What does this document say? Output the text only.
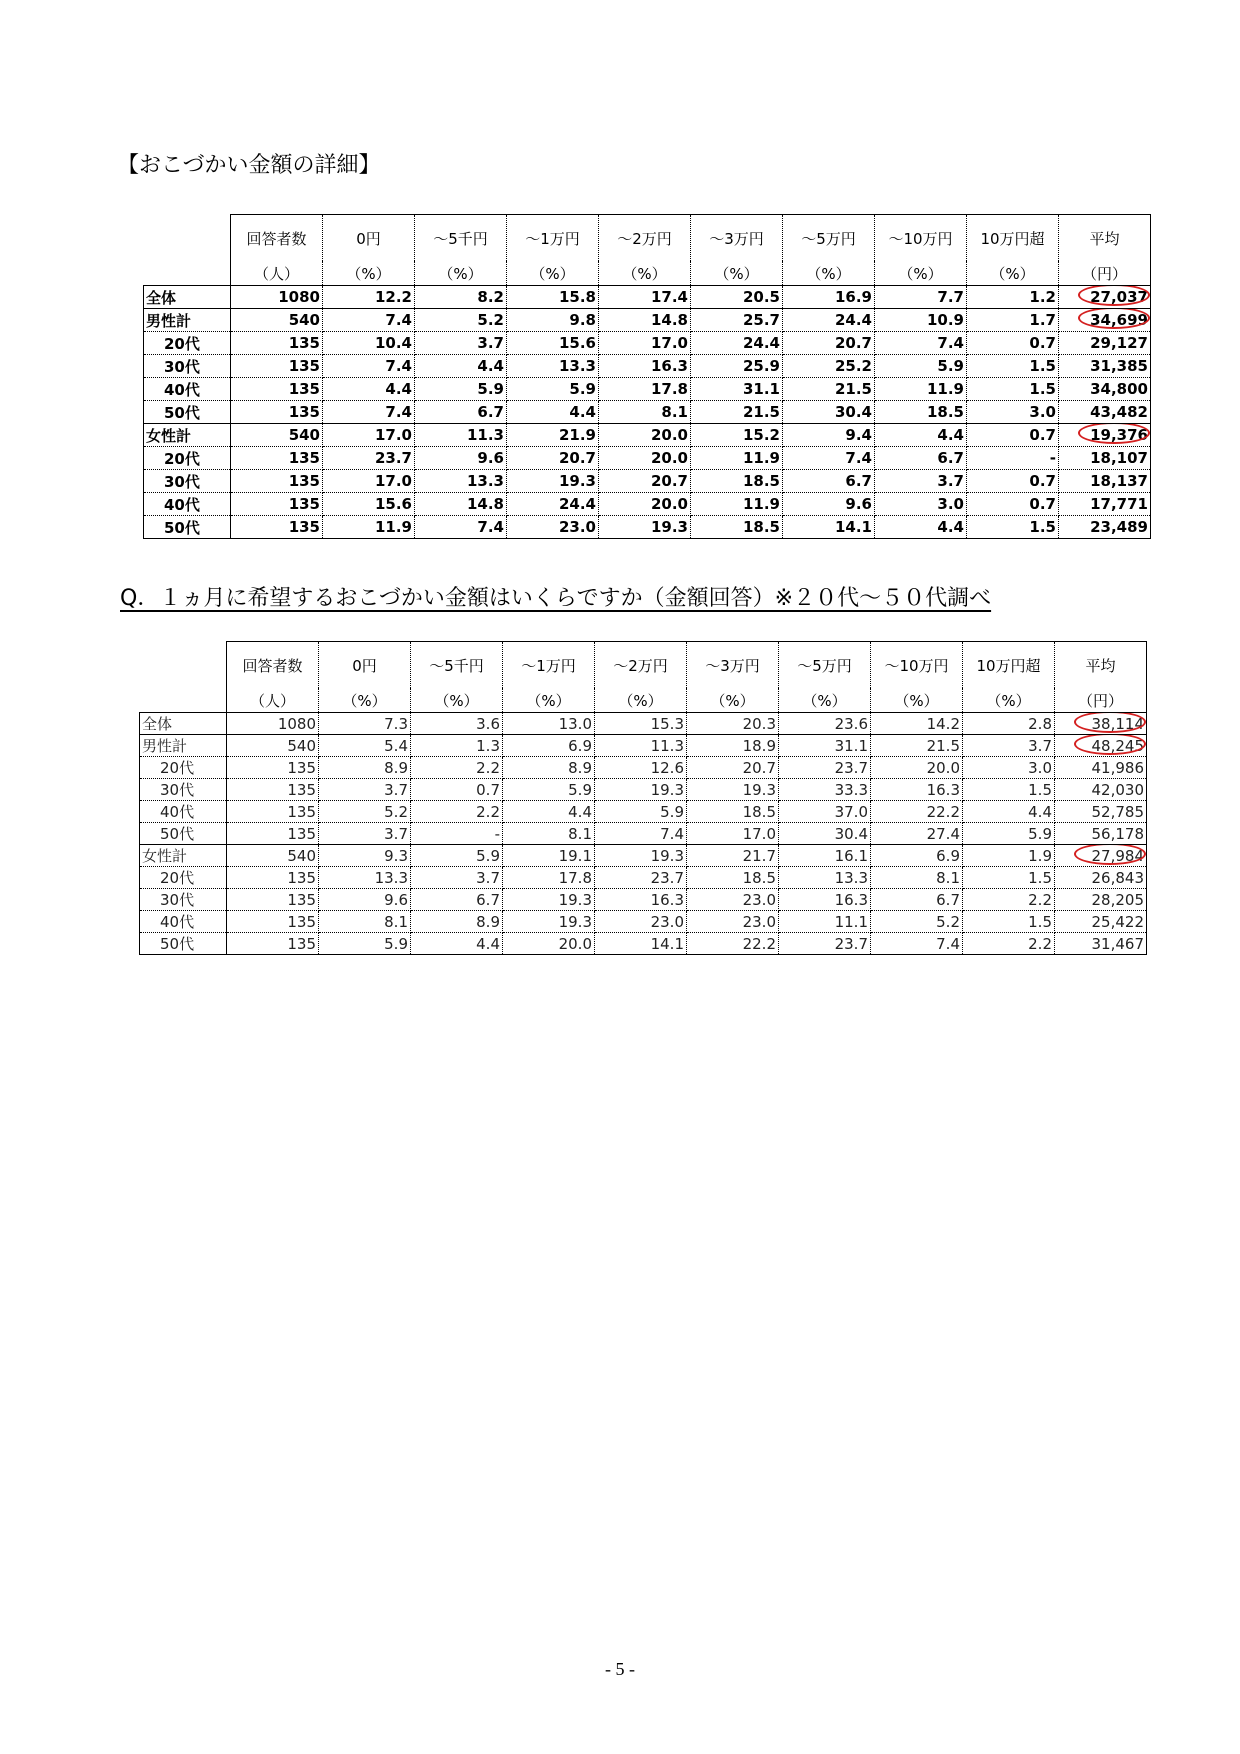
【おこづかい金額の詳細】
	回答者数	0円	～5千円	～1万円	～2万円	～3万円	～5万円	～10万円	10万円超	平均
	（人）	（%）	（%）	（%）	（%）	（%）	（%）	（%）	（%）	（円）
全体	1080	12.2	8.2	15.8	17.4	20.5	16.9	7.7	1.2	27,037

男性計	540	7.4	5.2	9.8	14.8	25.7	24.4	10.9	1.7	34,699

20代	135	10.4	3.7	15.6	17.0	24.4	20.7	7.4	0.7	29,127
30代	135	7.4	4.4	13.3	16.3	25.9	25.2	5.9	1.5	31,385
40代	135	4.4	5.9	5.9	17.8	31.1	21.5	11.9	1.5	34,800
50代	135	7.4	6.7	4.4	8.1	21.5	30.4	18.5	3.0	43,482
女性計	540	17.0	11.3	21.9	20.0	15.2	9.4	4.4	0.7	19,376

20代	135	23.7	9.6	20.7	20.0	11.9	7.4	6.7	-	18,107
30代	135	17.0	13.3	19.3	20.7	18.5	6.7	3.7	0.7	18,137
40代	135	15.6	14.8	24.4	20.0	11.9	9.6	3.0	0.7	17,771
50代	135	11.9	7.4	23.0	19.3	18.5	14.1	4.4	1.5	23,489
Q．１ヵ月に希望するおこづかい金額はいくらですか（金額回答）※２０代～５０代調べ
	回答者数	0円	～5千円	～1万円	～2万円	～3万円	～5万円	～10万円	10万円超	平均
	（人）	（%）	（%）	（%）	（%）	（%）	（%）	（%）	（%）	（円）
全体	1080	7.3	3.6	13.0	15.3	20.3	23.6	14.2	2.8	38,114

男性計	540	5.4	1.3	6.9	11.3	18.9	31.1	21.5	3.7	48,245

20代	135	8.9	2.2	8.9	12.6	20.7	23.7	20.0	3.0	41,986
30代	135	3.7	0.7	5.9	19.3	19.3	33.3	16.3	1.5	42,030
40代	135	5.2	2.2	4.4	5.9	18.5	37.0	22.2	4.4	52,785
50代	135	3.7	-	8.1	7.4	17.0	30.4	27.4	5.9	56,178
女性計	540	9.3	5.9	19.1	19.3	21.7	16.1	6.9	1.9	27,984

20代	135	13.3	3.7	17.8	23.7	18.5	13.3	8.1	1.5	26,843
30代	135	9.6	6.7	19.3	16.3	23.0	16.3	6.7	2.2	28,205
40代	135	8.1	8.9	19.3	23.0	23.0	11.1	5.2	1.5	25,422
50代	135	5.9	4.4	20.0	14.1	22.2	23.7	7.4	2.2	31,467
- 5 -
